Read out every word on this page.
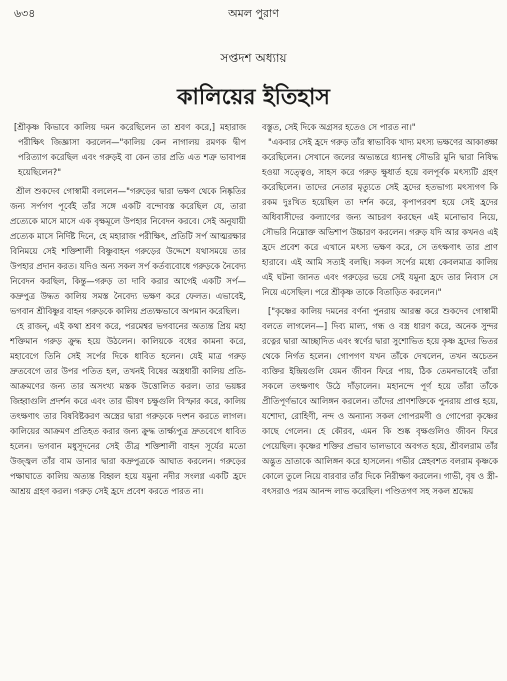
৬৩৪	অমল পুরাণ
সপ্তদশ অধ্যায়
কালিয়ের ইতিহাস

[শ্রীকৃষ্ণ কিভাবে কালিয় দমন করেছিলেন তা শ্রবণ করে,] মহারাজ পরীক্ষিৎ জিজ্ঞাসা করলেন—"কালিয় কেন নাগালয় রমণক দ্বীপ পরিত্যাগ করেছিল এবং গরুড়ই বা কেন তার প্রতি এত শত্রু ভাবাপন্ন হয়েছিলেন?"

শ্রীল শুকদেব গোস্বামী বললেন—"গরুড়ের দ্বারা ভক্ষণ থেকে নিষ্কৃতির জন্য সর্পগণ পূর্বেই তাঁর সঙ্গে একটি বন্দোবস্ত করেছিল যে, তারা প্রত্যেকে মাসে মাসে এক বৃক্ষমূলে উপহার নিবেদন করবে। সেই অনুযায়ী প্রত্যেক মাসে নির্দিষ্ট দিনে, হে মহারাজ পরীক্ষিৎ, প্রতিটি সর্প আত্মরক্ষার বিনিময়ে সেই শক্তিশালী বিষ্ণুবাহন গরুড়ের উদ্দেশে যথাসময়ে তার উপহার প্রদান করত। যদিও অন্য সকল সর্প কর্তব্যবোধে গরুড়কে নৈবেদ্য নিবেদন করছিল, কিন্তু—গরুড় তা দাবি করার আগেই একটি সর্প—কদ্রুপুত্র উদ্ধত কালিয় সমস্ত নৈবেদ্য ভক্ষণ করে ফেলত। এভাবেই, ভগবান শ্রীবিষ্ণুর বাহন গরুড়কে কালিয় প্রত্যক্ষভাবে অপমান করেছিল।

হে রাজন্, এই কথা শ্রবণ করে, পরমেশ্বর ভগবানের অত্যন্ত প্রিয় মহা শক্তিমান গরুড় ক্রুদ্ধ হয়ে উঠলেন। কালিয়কে বধের কামনা করে, মহাবেগে তিনি সেই সর্পের দিকে ধাবিত হলেন। যেই মাত্র গরুড় দ্রুতবেগে তার উপর পতিত হল, তখনই বিষের অস্ত্রধারী কালিয় প্রতি-আক্রমণের জন্য তার অসংখ্য মস্তক উত্তোলিত করল। তার ভয়ঙ্কর জিহ্বাগুলি প্রদর্শন করে এবং তার ভীষণ চক্ষুগুলি বিস্ফার করে, কালিয় তৎক্ষণাৎ তার বিষবিষ্টকরণ অস্ত্রের দ্বারা গরুড়কে দংশন করতে লাগল। কালিয়ের আক্রমণ প্রতিহত করার জন্য ক্রুদ্ধ তার্ক্ষ্যপুত্র দ্রুতবেগে ধাবিত হলেন। ভগবান মধুসূদনের সেই তীব্র শক্তিশালী বাহন সূর্যের মতো উজ্জ্বল তাঁর বাম ডানার দ্বারা কদ্রুপুত্রকে আঘাত করলেন। গরুড়ের পক্ষাঘাতে কালিয় অত্যন্ত বিহ্বল হয়ে যমুনা নদীর সংলগ্ন একটি হ্রদে আশ্রয় গ্রহণ করল। গরুড় সেই হ্রদে প্রবেশ করতে পারত না।

বস্তুত, সেই দিকে অগ্রসর হতেও সে পারত না।"

"একবার সেই হ্রদে গরুড় তাঁর স্বাভাবিক খাদ্য মৎস্য ভক্ষণের আকাঙ্ক্ষা করেছিলেন। সেখানে জলের অভ্যন্তরে ধ্যানস্থ সৌভরি মুনি দ্বারা নিষিদ্ধ হওয়া সত্ত্বেও, সাহস করে গরুড় ক্ষুধার্ত হয়ে বলপূর্বক মৎস্যটি গ্রহণ করেছিলেন। তাদের নেতার মৃত্যুতে সেই হ্রদের হতভাগ্য মৎস্যগণ কি রকম দুঃখিত হয়েছিল তা দর্শন করে, কৃপাপরবশ হয়ে সেই হ্রদের অধিবাসীদের কল্যাণের জন্য আচরণ করছেন এই মনোভাব নিয়ে, সৌভরি নিম্নোক্ত অভিশাপ উচ্চারণ করলেন। গরুড় যদি আর কখনও এই হ্রদে প্রবেশ করে এখানে মৎস্য ভক্ষণ করে, সে তৎক্ষণাৎ তার প্রাণ হারাবে। এই আমি সত্যই বলছি। সকল সর্পের মধ্যে কেবলমাত্র কালিয় এই ঘটনা জানত এবং গরুড়ের ভয়ে সেই যমুনা হ্রদে তার নিবাস সে নিয়ে এসেছিল। পরে শ্রীকৃষ্ণ তাকে বিতাড়িত করলেন।"

["কৃষ্ণের কালিয় দমনের বর্ণনা পুনরায় আরম্ভ করে শুকদেব গোস্বামী বলতে লাগলেন—] দিব্য মাল্য, গন্ধ ও বস্ত্র ধারণ করে, অনেক সুন্দর রত্নের দ্বারা আচ্ছাদিত এবং স্বর্ণের দ্বারা সুশোভিত হয়ে কৃষ্ণ হ্রদের ভিতর থেকে নির্গত হলেন। গোপগণ যখন তাঁকে দেখলেন, তখন অচেতন ব্যক্তির ইন্দ্রিয়গুলি যেমন জীবন ফিরে পায়, ঠিক তেমনভাবেই তাঁরা সকলে তৎক্ষণাৎ উঠে দাঁড়ালেন। মহানন্দে পূর্ণ হয়ে তাঁরা তাঁকে প্রীতিপূর্ণভাবে আলিঙ্গন করলেন। তাঁদের প্রাণশক্তিকে পুনরায় প্রাপ্ত হয়ে, যশোদা, রোহিণী, নন্দ ও অন্যান্য সকল গোপরমণী ও গোপেরা কৃষ্ণের কাছে গেলেন। হে কৌরব, এমন কি শুষ্ক বৃক্ষগুলিও জীবন ফিরে পেয়েছিল। কৃষ্ণের শক্তির প্রভাব ভালভাবে অবগত হয়ে, শ্রীবলরাম তাঁর অদ্ভুত ভ্রাতাকে আলিঙ্গন করে হাসলেন। গভীর স্নেহবশত বলরাম কৃষ্ণকে কোলে তুলে নিয়ে বারবার তাঁর দিকে নিরীক্ষণ করলেন। গাভী, বৃষ ও স্ত্রী-বৎসরাও পরম আনন্দ লাভ করেছিল। পণ্ডিতগণ সহ সকল শ্রদ্ধেয়
